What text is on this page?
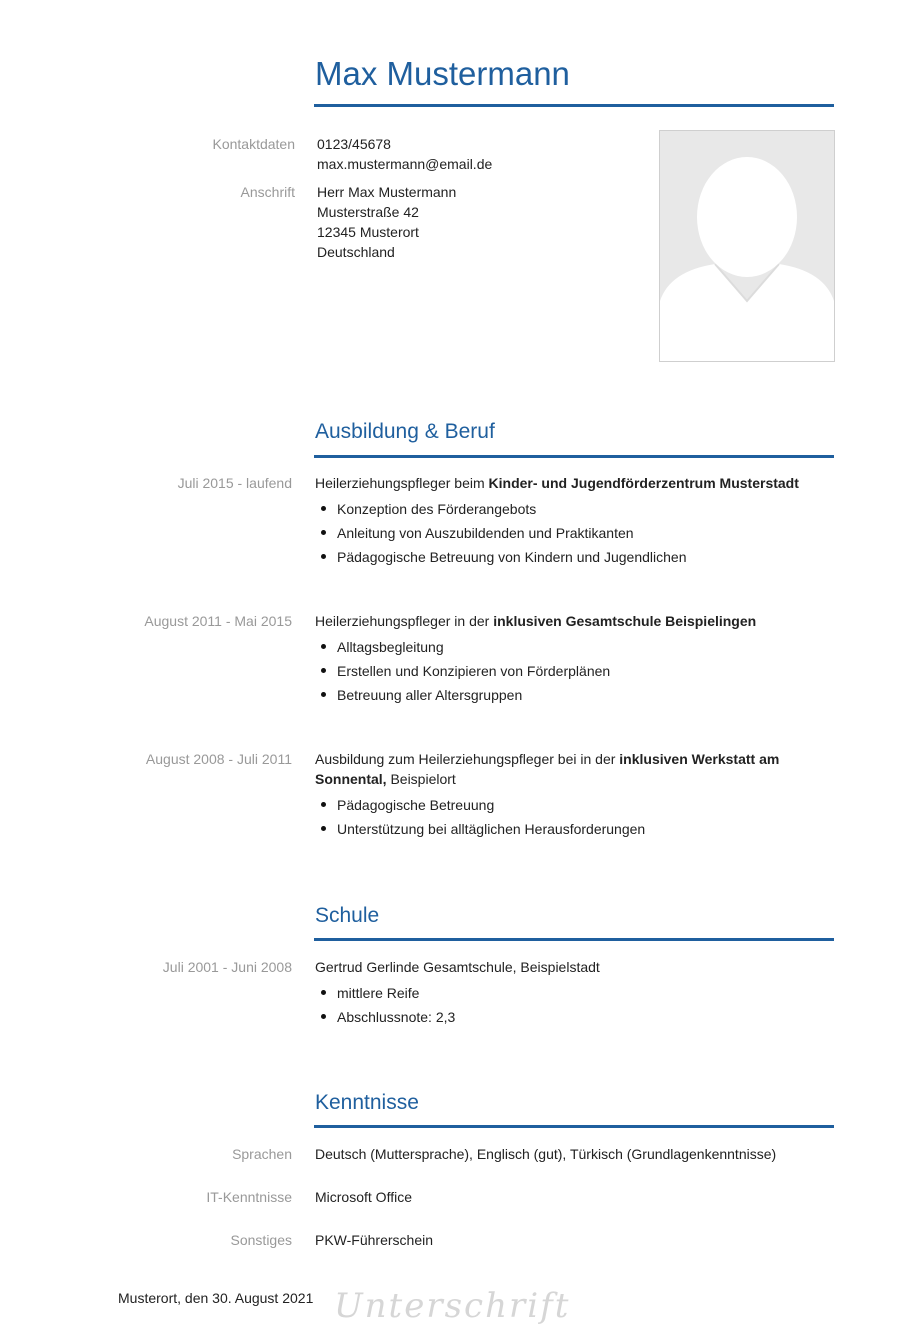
Max Mustermann
Kontaktdaten 0123/45678
max.mustermann@email.de
Anschrift Herr Max Mustermann
Musterstraße 42
12345 Musterort
Deutschland
Ausbildung & Beruf
Juli 2015 - laufend Heilerziehungspfleger beim Kinder- und Jugendförderzentrum Musterstadt
Konzeption des Förderangebots
Anleitung von Auszubildenden und Praktikanten
Pädagogische Betreuung von Kindern und Jugendlichen
August 2011 - Mai 2015 Heilerziehungspfleger in der inklusiven Gesamtschule Beispielingen
Alltagsbegleitung
Erstellen und Konzipieren von Förderplänen
Betreuung aller Altersgruppen
August 2008 - Juli 2011 Ausbildung zum Heilerziehungspfleger bei in der inklusiven Werkstatt am Sonnental, Beispielort
Pädagogische Betreuung
Unterstützung bei alltäglichen Herausforderungen
Schule
Juli 2001 - Juni 2008 Gertrud Gerlinde Gesamtschule, Beispielstadt
mittlere Reife
Abschlussnote: 2,3
Kenntnisse
Sprachen Deutsch (Muttersprache), Englisch (gut), Türkisch (Grundlagenkenntnisse)
IT-Kenntnisse Microsoft Office
Sonstiges PKW-Führerschein
Musterort, den 30. August 2021 Unterschrift
